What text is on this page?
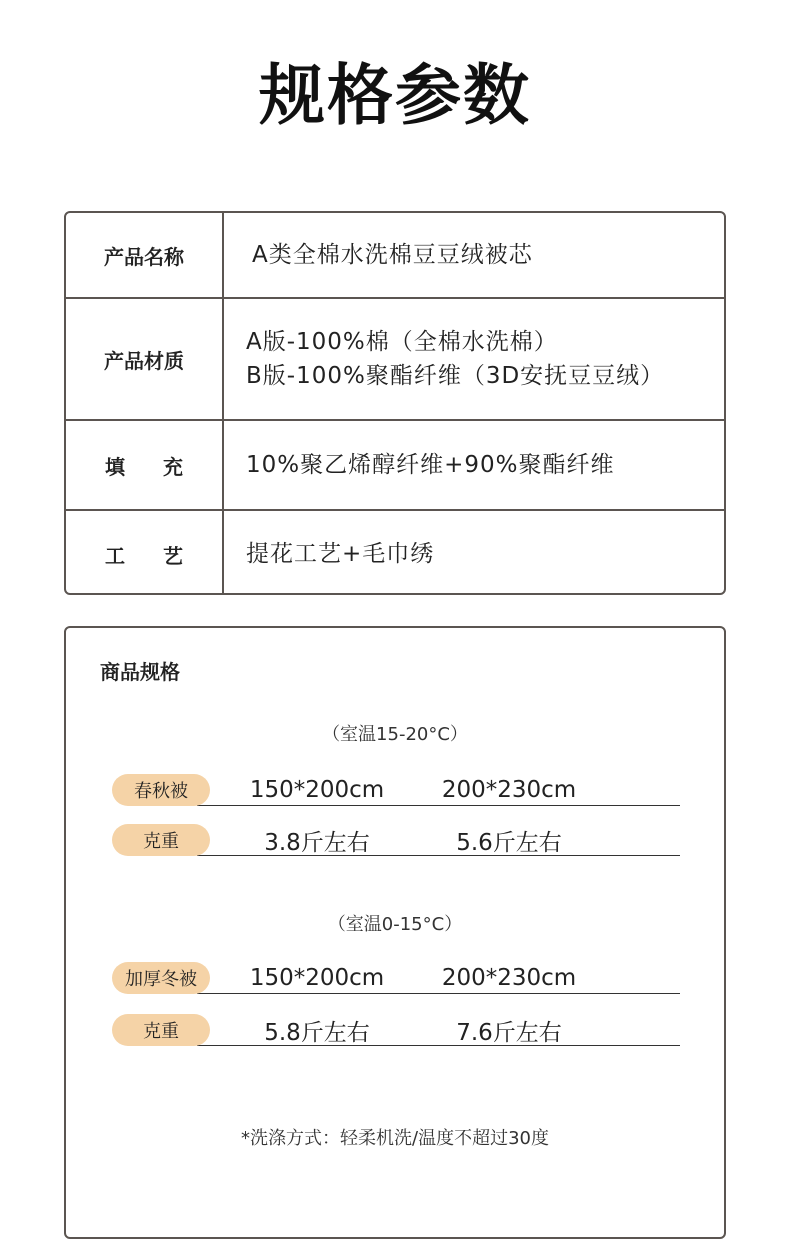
规格参数
产品名称	A类全棉水洗棉豆豆绒被芯
产品材质
A版-100%棉（全棉水洗棉）
B版-100%聚酯纤维（3D安抚豆豆绒）
填充 10%聚乙烯醇纤维+90%聚酯纤维
工艺 提花工艺+毛巾绣
商品规格
（室温15-20°C）
春秋被	150*200cm	200*230cm
克重	3.8斤左右	5.6斤左右
（室温0-15°C）
加厚冬被	150*200cm	200*230cm
克重	5.8斤左右	7.6斤左右
*洗涤方式：轻柔机洗/温度不超过30度
